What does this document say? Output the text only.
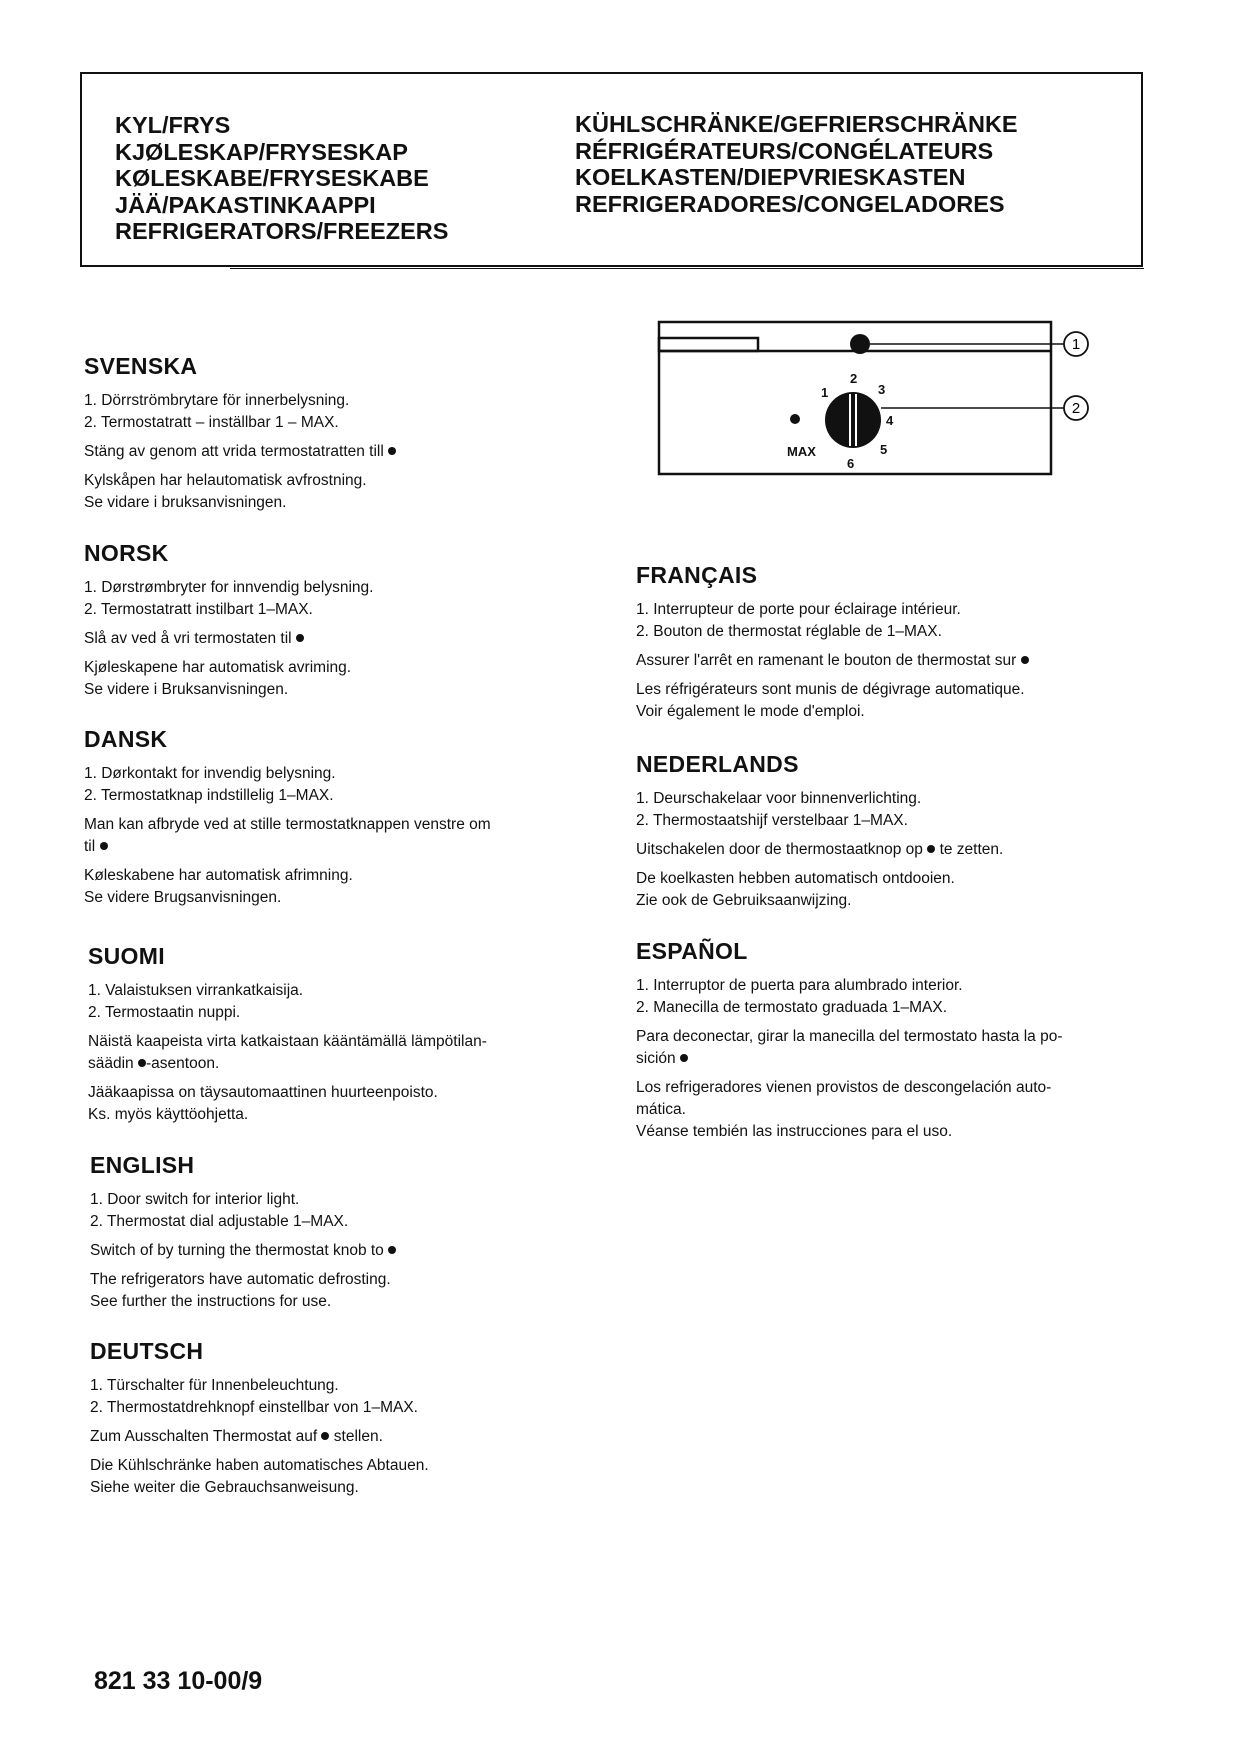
KYL/FRYS
KJØLESKAP/FRYSESKAP
KØLESKABE/FRYSESKABE
JÄÄ/PAKASTINKAAPPI
REFRIGERATORS/FREEZERS
KÜHLSCHRÄNKE/GEFRIERSCHRÄNKE
RÉFRIGÉRATEURS/CONGÉLATEURS
KOELKASTEN/DIEPVRIESKASTEN
REFRIGERADORES/CONGELADORES
1
2
1
2
3
4
5
6
MAX
SVENSKA
1. Dörrströmbrytare för innerbelysning.
2. Termostatratt – inställbar 1 – MAX.

Stäng av genom att vrida termostatratten till

Kylskåpen har helautomatisk avfrostning.

Se vidare i bruksanvisningen.

NORSK
1. Dørstrømbryter for innvendig belysning.
2. Termostatratt instilbart 1–MAX.

Slå av ved å vri termostaten til

Kjøleskapene har automatisk avriming.

Se videre i Bruksanvisningen.

DANSK
1. Dørkontakt for invendig belysning.
2. Termostatknap indstillelig 1–MAX.

Man kan afbryde ved at stille termostatknappen venstre om
til

Køleskabene har automatisk afrimning.

Se videre Brugsanvisningen.

SUOMI
1. Valaistuksen virrankatkaisija.
2. Termostaatin nuppi.

Näistä kaapeista virta katkaistaan kääntämällä lämpötilan-
säädin -asentoon.

Jääkaapissa on täysautomaattinen huurteenpoisto.

Ks. myös käyttöohjetta.

ENGLISH
1. Door switch for interior light.
2. Thermostat dial adjustable 1–MAX.

Switch of by turning the thermostat knob to

The refrigerators have automatic defrosting.

See further the instructions for use.

DEUTSCH
1. Türschalter für Innenbeleuchtung.
2. Thermostatdrehknopf einstellbar von 1–MAX.

Zum Ausschalten Thermostat auf stellen.

Die Kühlschränke haben automatisches Abtauen.

Siehe weiter die Gebrauchsanweisung.

FRANÇAIS
1. Interrupteur de porte pour éclairage intérieur.
2. Bouton de thermostat réglable de 1–MAX.

Assurer l'arrêt en ramenant le bouton de thermostat sur

Les réfrigérateurs sont munis de dégivrage automatique.

Voir également le mode d'emploi.

NEDERLANDS
1. Deurschakelaar voor binnenverlichting.
2. Thermostaatshijf verstelbaar 1–MAX.

Uitschakelen door de thermostaatknop op te zetten.

De koelkasten hebben automatisch ontdooien.

Zie ook de Gebruiksaanwijzing.

ESPAÑOL
1. Interruptor de puerta para alumbrado interior.
2. Manecilla de termostato graduada 1–MAX.

Para deconectar, girar la manecilla del termostato hasta la po-
sición

Los refrigeradores vienen provistos de descongelación auto-
mática.

Véanse tembién las instrucciones para el uso.

821 33 10-00/9
